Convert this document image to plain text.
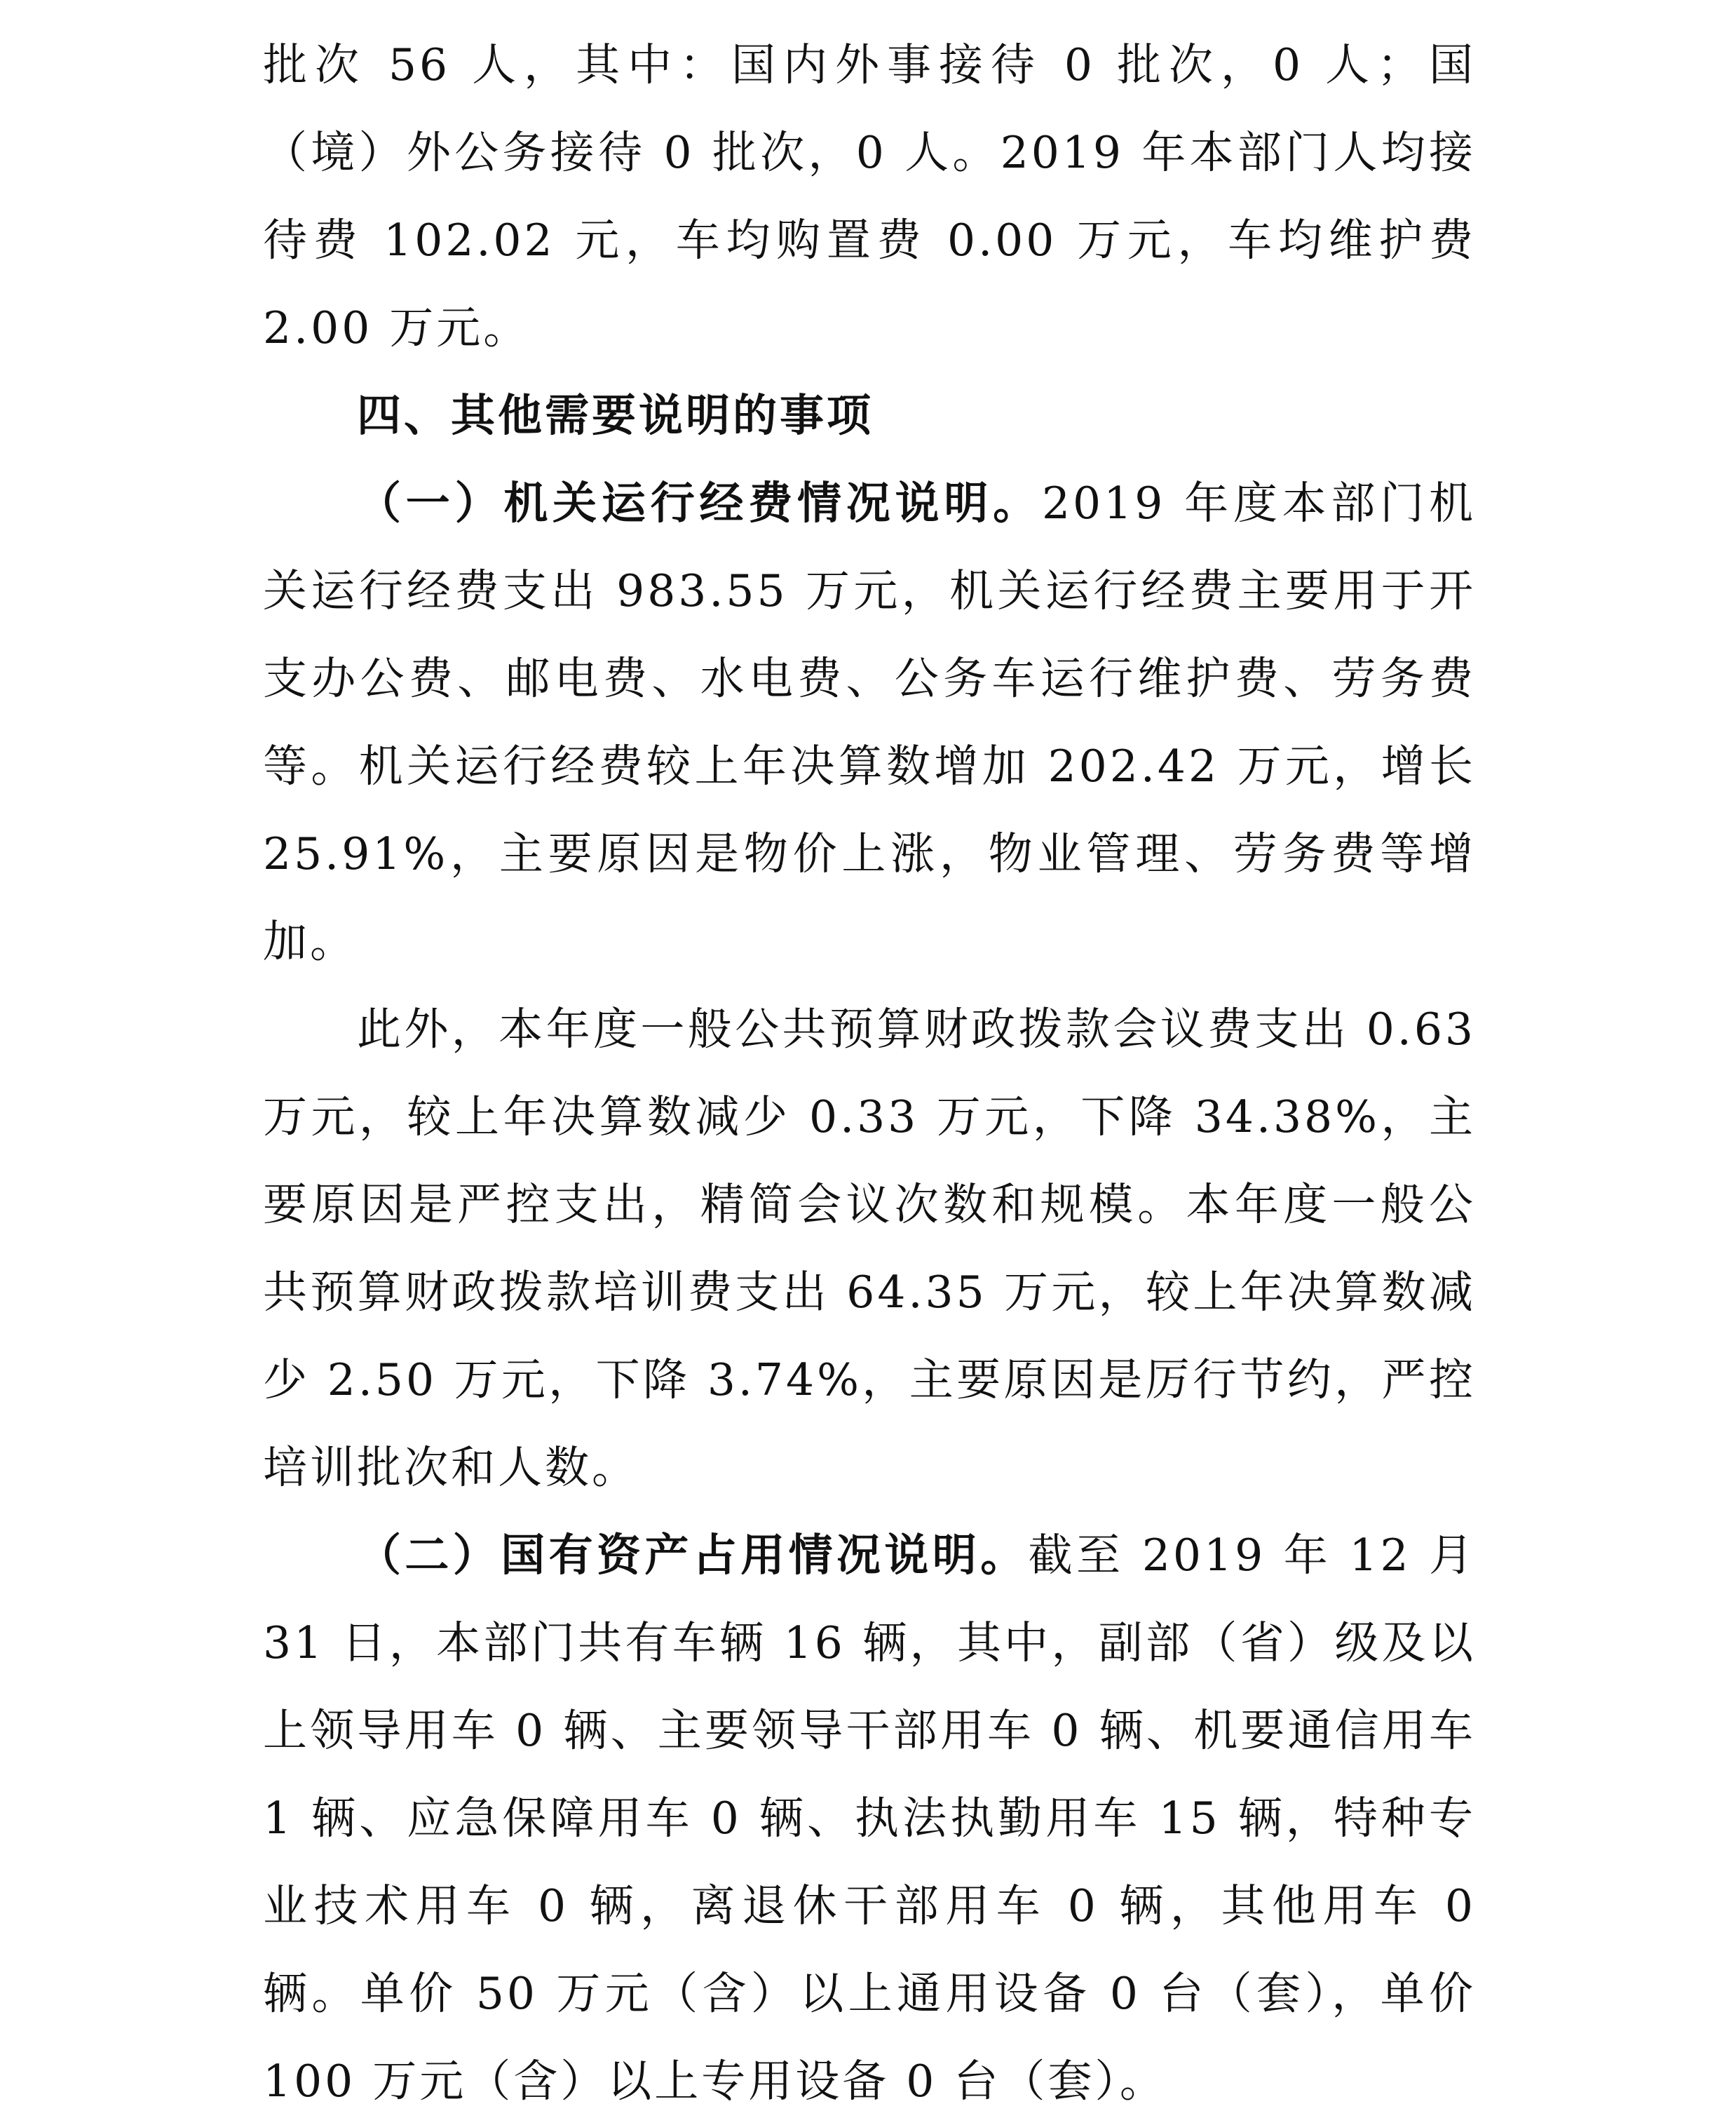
批次 56 人，其中：国内外事接待 0 批次，0 人；国（境）外公务接待 0 批次，0 人。2019 年本部门人均接待费 102.02 元，车均购置费 0.00 万元，车均维护费 2.00 万元。

四、其他需要说明的事项

（一）机关运行经费情况说明。2019 年度本部门机关运行经费支出 983.55 万元，机关运行经费主要用于开支办公费、邮电费、水电费、公务车运行维护费、劳务费等。机关运行经费较上年决算数增加 202.42 万元，增长 25.91%，主要原因是物价上涨，物业管理、劳务费等增加。

此外，本年度一般公共预算财政拨款会议费支出 0.63 万元，较上年决算数减少 0.33 万元，下降 34.38%，主要原因是严控支出，精简会议次数和规模。本年度一般公共预算财政拨款培训费支出 64.35 万元，较上年决算数减少 2.50 万元，下降 3.74%，主要原因是厉行节约，严控培训批次和人数。

（二）国有资产占用情况说明。截至 2019 年 12 月 31 日，本部门共有车辆 16 辆，其中，副部（省）级及以上领导用车 0 辆、主要领导干部用车 0 辆、机要通信用车 1 辆、应急保障用车 0 辆、执法执勤用车 15 辆，特种专业技术用车 0 辆，离退休干部用车 0 辆，其他用车 0 辆。单价 50 万元（含）以上通用设备 0 台（套），单价 100 万元（含）以上专用设备 0 台（套）。
